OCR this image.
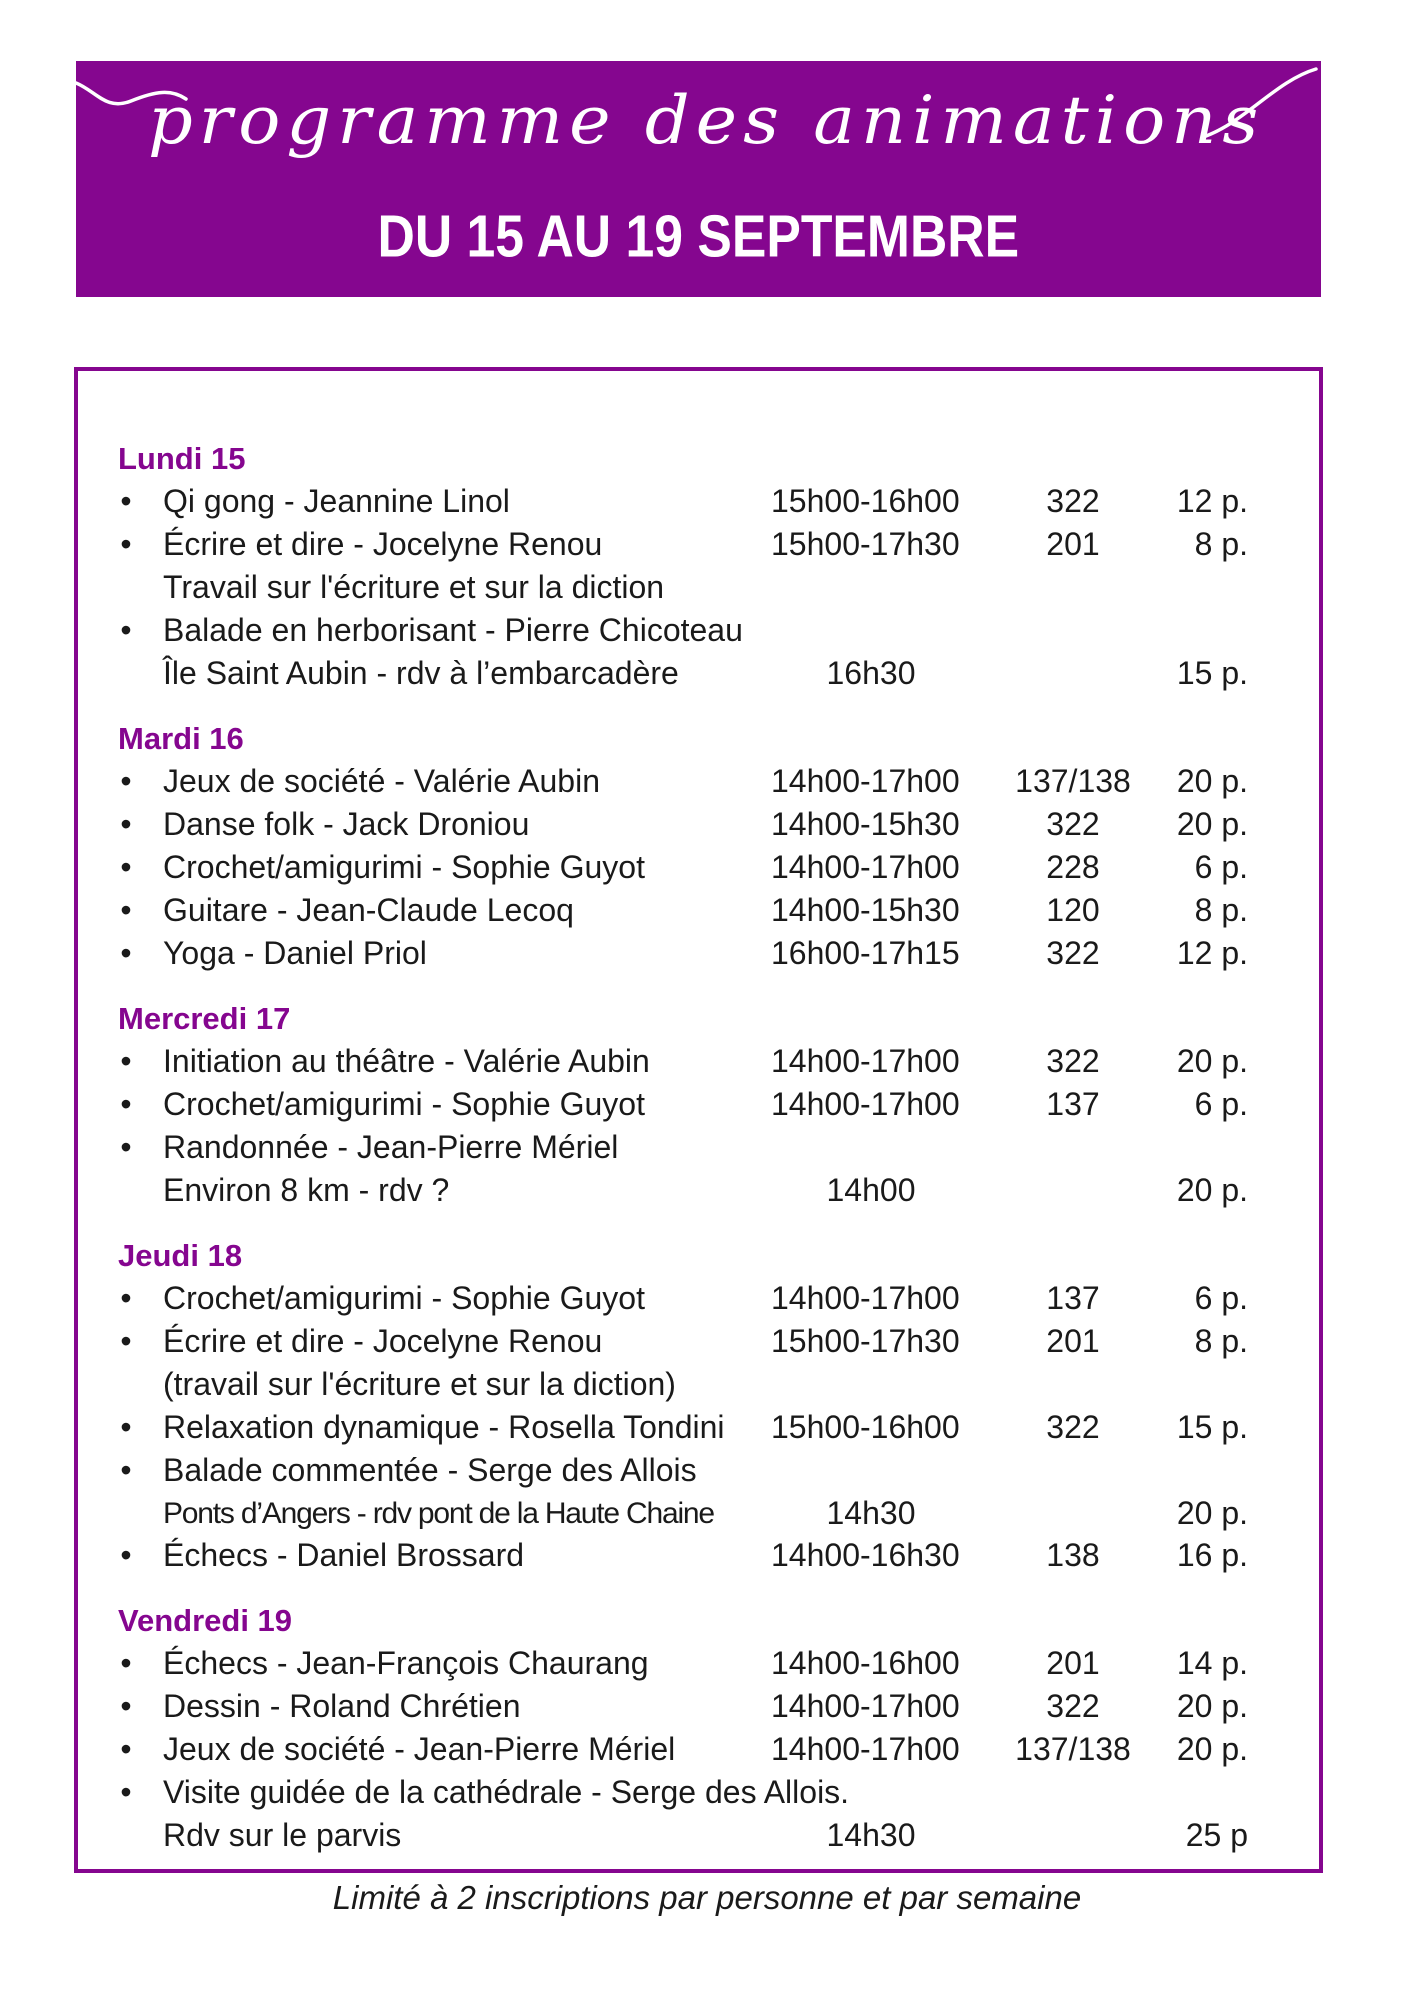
programme des animations
DU 15 AU 19 SEPTEMBRE
Lundi 15
• Qi gong - Jeannine Linol	15h00-16h00	322	12 p.
• Écrire et dire - Jocelyne Renou	15h00-17h30	201	8 p.
Travail sur l'écriture et sur la diction
• Balade en herborisant - Pierre Chicoteau
Île Saint Aubin - rdv à l’embarcadère	16h30	15 p.
Mardi 16
• Jeux de société - Valérie Aubin	14h00-17h00	137/138	20 p.
• Danse folk - Jack Droniou	14h00-15h30	322	20 p.
• Crochet/amigurimi - Sophie Guyot	14h00-17h00	228	6 p.
• Guitare - Jean-Claude Lecoq	14h00-15h30	120	8 p.
• Yoga - Daniel Priol	16h00-17h15	322	12 p.
Mercredi 17
• Initiation au théâtre - Valérie Aubin	14h00-17h00	322	20 p.
• Crochet/amigurimi - Sophie Guyot	14h00-17h00	137	6 p.
• Randonnée - Jean-Pierre Mériel
Environ 8 km - rdv ?	14h00	20 p.
Jeudi 18
• Crochet/amigurimi - Sophie Guyot	14h00-17h00	137	6 p.
• Écrire et dire - Jocelyne Renou	15h00-17h30	201	8 p.
(travail sur l'écriture et sur la diction)
• Relaxation dynamique - Rosella Tondini 15h00-16h00	322	15 p.
• Balade commentée - Serge des Allois
Ponts d’Angers - rdv pont de la Haute Chaine	14h30	20 p.
• Échecs - Daniel Brossard	14h00-16h30	138	16 p.
Vendredi 19
• Échecs - Jean-François Chaurang	14h00-16h00	201	14 p.
• Dessin - Roland Chrétien	14h00-17h00	322	20 p.
• Jeux de société - Jean-Pierre Mériel	14h00-17h00	137/138	20 p.
• Visite guidée de la cathédrale - Serge des Allois.
Rdv sur le parvis	14h30	25 p
Limité à 2 inscriptions par personne et par semaine
